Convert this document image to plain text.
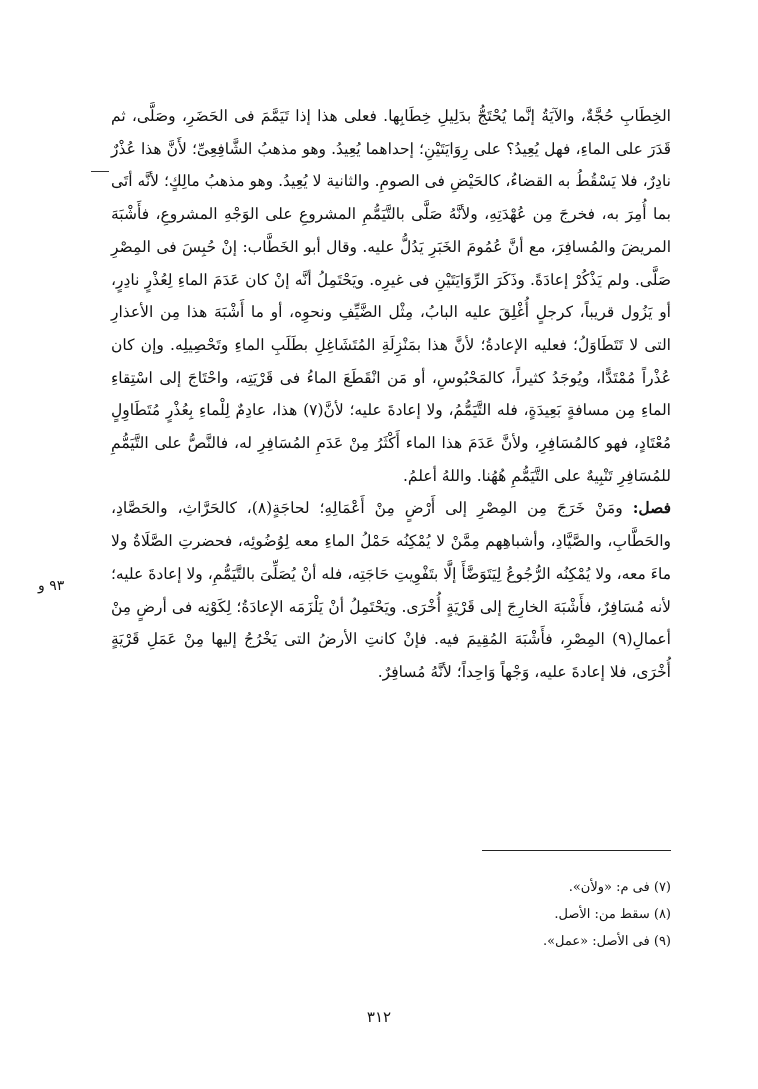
الخِطَابِ حُجَّةٌ، والآيَةُ إنَّما يُحْتَجُّ بدَلِيلِ خِطَابِها. فعلى هذا إذا تَيَمَّمَ فى الحَضَرِ، وصَلَّى، ثم قَدَرَ على الماءِ، فهل يُعِيدُ؟ على رِوَايَتَيْنِ؛ إحداهما يُعِيدُ. وهو مذهبُ الشَّافِعِىِّ؛ لأَنَّ هذا عُذْرٌ نادِرٌ، فلا يَسْقُطُ به القضاءُ، كالحَيْضِ فى الصومِ. والثانية لا يُعِيدُ. وهو مذهبُ مالِكٍ؛ لأنَّه أتَى بما أُمِرَ به، فخرجَ مِن عُهْدَتِهِ، ولأنَّهُ صَلَّى بالتَّيَمُّمِ المشروعِ على الوَجْهِ المشروعِ، فأَشْبَهَ المريضَ والمُسافِرَ، مع أنَّ عُمُومَ الخَبَرِ يَدُلُّ عليه. وقال أبو الخَطَّاب: إنْ حُبِسَ فى المِصْرِ صَلَّى. ولم يَذْكُرْ إعادَةً. وذَكَرَ الرِّوَايَتَيْنِ فى غيرِه. ويَحْتَمِلُ أنَّه إنْ كان عَدَمَ الماءِ لِعُذْرٍ نادِرٍ، أو يَزُول قريباً، كرجلٍ أُغْلِقَ عليه البابُ، مِثْل الضَّيِّفِ ونحوِه، أو ما أَشْبَهَ هذا مِن الأعذارِ التى لا تَتَطَاوَلُ؛ فعليه الإعادةُ؛ لأنَّ هذا بمَنْزِلَةِ المُتَشَاغِلِ بطَلَبِ الماءِ وتَحْصِيلِه. وإن كان عُذْراً مُمْتَدًّا، ويُوجَدُ كثيراً، كالمَحْبُوسِ، أو مَن انْقَطَعَ الماءُ فى قَرْيَتِه، واحْتَاجَ إلى اسْتِقاءِ الماءِ مِن مسافةٍ بَعِيدَةٍ، فله التَّيَمُّمُ، ولا إعادةَ عليه؛ لأنَّ(٧) هذا، عادِمٌ لِلْماءِ بِعُذْرٍ مُتَطَاوِلٍ مُعْتَادٍ، فهو كالمُسَافِرِ، ولأنَّ عَدَمَ هذا الماء أَكْثَرُ مِنْ عَدَمِ المُسَافِرِ له، فالنَّصُّ على التَّيَمُّمِ للمُسَافِرِ تَنْبِيهٌ على التَّيَمُّمِ هُهُنا. واللهُ أعلمُ.

فصل: ومَنْ خَرَجَ مِن المِصْرِ إلى أَرْضٍ مِنْ أَعْمَالِهِ؛ لحاجَةٍ(٨)، كالحَرَّاثِ، والحَصَّادِ، والحَطَّابِ، والصَّيَّادِ، وأشباهِهم مِمَّنْ لا يُمْكِنُه حَمْلُ الماءِ معه لِوُضُوئِه، فحضرتِ الصَّلَاةُ ولا ماءَ معه، ولا يُمْكِنُه الرُّجُوعُ لِيَتَوَضَّأَ إلَّا بتَفْوِيتِ حَاجَتِه، فله أنْ يُصَلِّىَ بالتَّيَمُّمِ، ولا إعادةَ عليه؛ لأنه مُسَافِرٌ، فأَشْبَهَ الخارِجَ إلى قَرْيَةٍ أُخْرَى. ويَحْتَمِلُ أنْ يَلْزَمَه الإعادَةُ؛ لِكَوْنِه فى أرضٍ مِنْ أعمالِ(٩) المِصْرِ، فأَشْبَهَ المُقِيمَ فيه. فإنْ كانتِ الأرضُ التى يَخْرُجُ إليها مِنْ عَمَلِ قَرْيَةٍ أُخْرَى، فلا إعادةَ عليه، وَجْهاً وَاحِداً؛ لأنَّهُ مُسافِرٌ.

٩٣ و
(٧) فى م: «ولأن».
(٨) سقط من: الأصل.
(٩) فى الأصل: «عمل».
٣١٢
